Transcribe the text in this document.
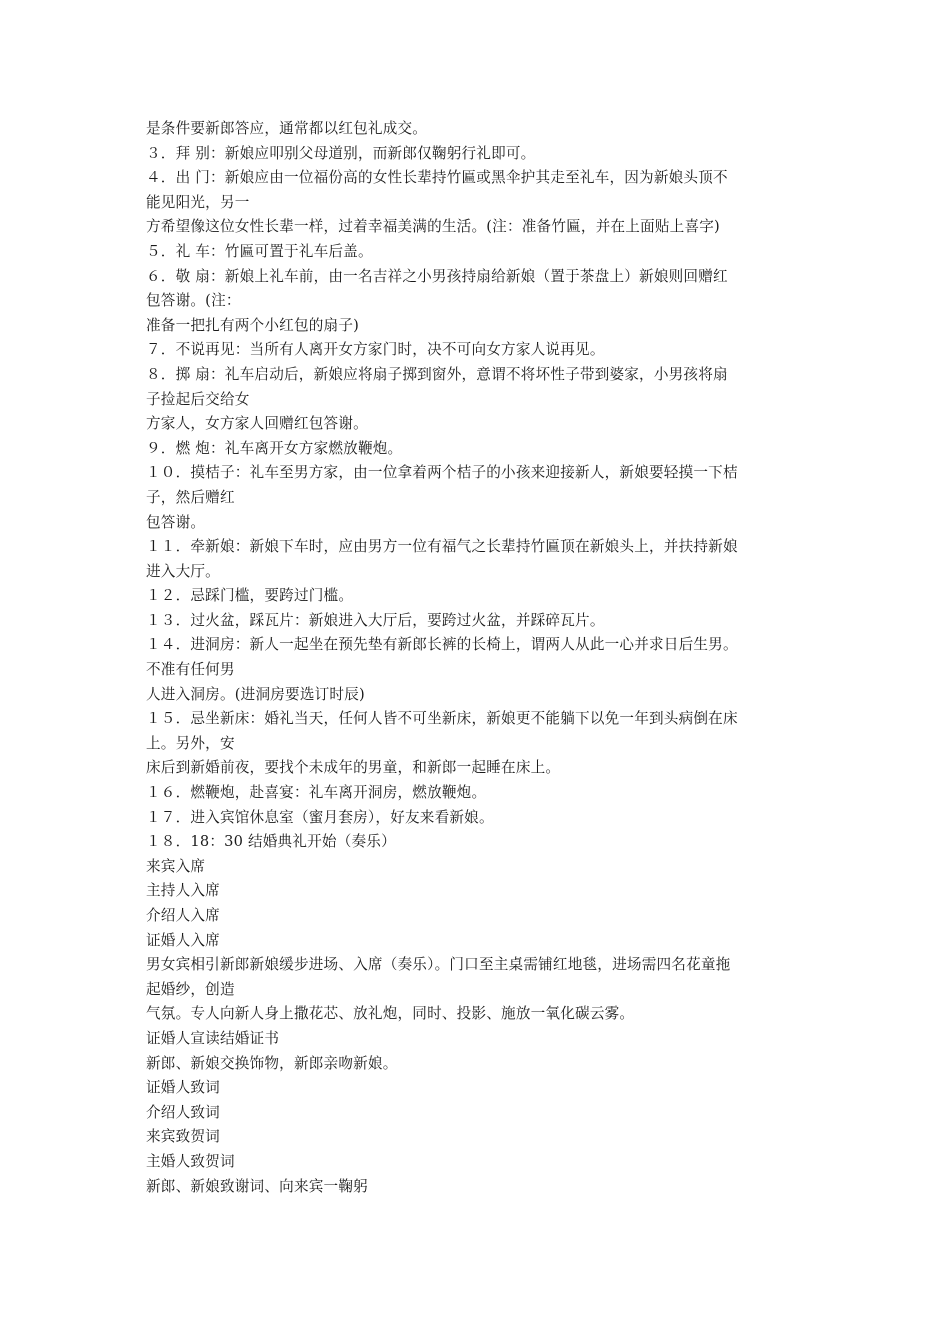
是条件要新郎答应，通常都以红包礼成交。
３．拜 别：新娘应叩别父母道别，而新郎仅鞠躬行礼即可。
４．出 门：新娘应由一位福份高的女性长辈持竹匾或黑伞护其走至礼车，因为新娘头顶不
能见阳光，另一
方希望像这位女性长辈一样，过着幸福美满的生活。(注：准备竹匾，并在上面贴上喜字)
５．礼 车：竹匾可置于礼车后盖。
６．敬 扇：新娘上礼车前，由一名吉祥之小男孩持扇给新娘（置于茶盘上）新娘则回赠红
包答谢。(注：
准备一把扎有两个小红包的扇子)
７．不说再见：当所有人离开女方家门时，决不可向女方家人说再见。
８．掷 扇：礼车启动后，新娘应将扇子掷到窗外，意谓不将坏性子带到婆家，小男孩将扇
子捡起后交给女
方家人，女方家人回赠红包答谢。
９．燃 炮：礼车离开女方家燃放鞭炮。
１０．摸桔子：礼车至男方家，由一位拿着两个桔子的小孩来迎接新人，新娘要轻摸一下桔
子，然后赠红
包答谢。
１１．牵新娘：新娘下车时，应由男方一位有福气之长辈持竹匾顶在新娘头上，并扶持新娘
进入大厅。
１２．忌踩门槛，要跨过门槛。
１３．过火盆，踩瓦片：新娘进入大厅后，要跨过火盆，并踩碎瓦片。
１４．进洞房：新人一起坐在预先垫有新郎长裤的长椅上，谓两人从此一心并求日后生男。
不准有任何男
人进入洞房。(进洞房要选订时辰)
１５．忌坐新床：婚礼当天，任何人皆不可坐新床，新娘更不能躺下以免一年到头病倒在床
上。另外，安
床后到新婚前夜，要找个未成年的男童，和新郎一起睡在床上。
１６．燃鞭炮，赴喜宴：礼车离开洞房，燃放鞭炮。
１７．进入宾馆休息室（蜜月套房），好友来看新娘。
１８．18：30 结婚典礼开始（奏乐）
来宾入席
主持人入席
介绍人入席
证婚人入席
男女宾相引新郎新娘缓步进场、入席（奏乐）。门口至主桌需铺红地毯，进场需四名花童拖
起婚纱，创造
气氛。专人向新人身上撒花芯、放礼炮，同时、投影、施放一氧化碳云雾。
证婚人宣读结婚证书
新郎、新娘交换饰物，新郎亲吻新娘。
证婚人致词
介绍人致词
来宾致贺词
主婚人致贺词
新郎、新娘致谢词、向来宾一鞠躬
